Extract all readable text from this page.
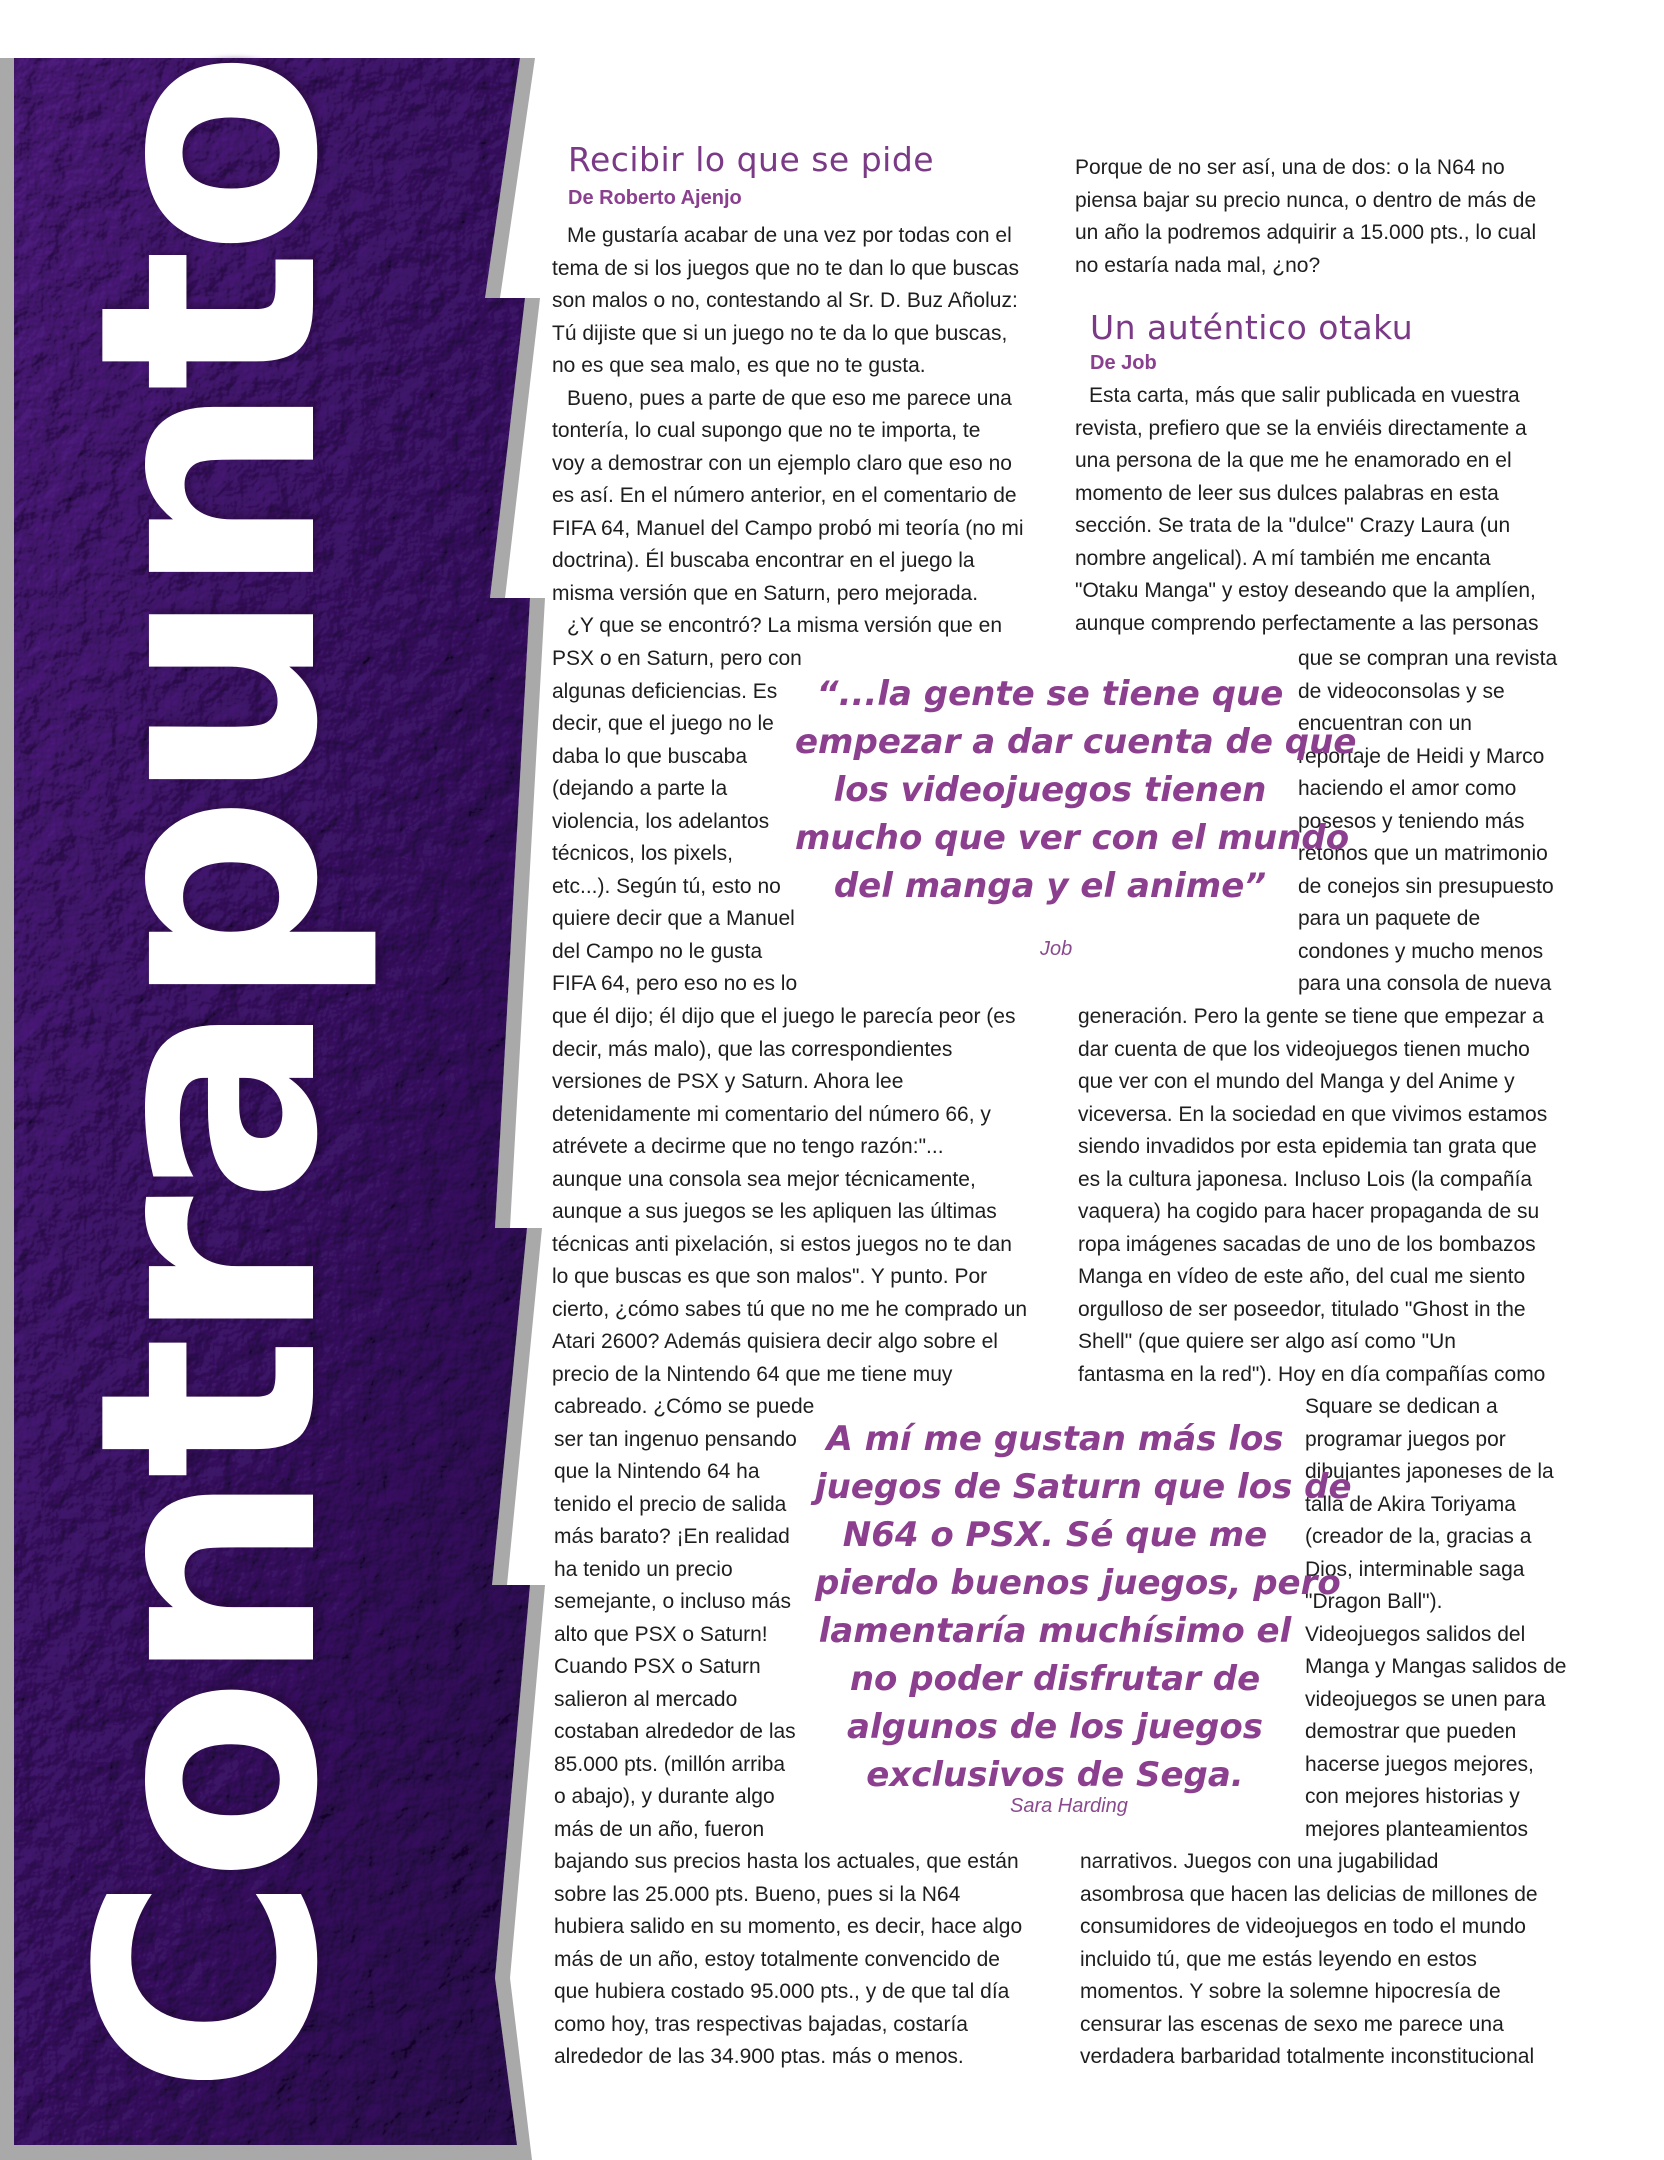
Contrapunto	Recibir lo que se pide
De Roberto Ajenjo

Me gustaría acabar de una vez por todas con el

tema de si los juegos que no te dan lo que buscas

son malos o no, contestando al Sr. D. Buz Añoluz:

Tú dijiste que si un juego no te da lo que buscas,

no es que sea malo, es que no te gusta.

Bueno, pues a parte de que eso me parece una

tontería, lo cual supongo que no te importa, te

voy a demostrar con un ejemplo claro que eso no

es así. En el número anterior, en el comentario de

FIFA 64, Manuel del Campo probó mi teoría (no mi

doctrina). Él buscaba encontrar en el juego la

misma versión que en Saturn, pero mejorada.

¿Y que se encontró? La misma versión que en

PSX o en Saturn, pero con

algunas deficiencias. Es

decir, que el juego no le

daba lo que buscaba

(dejando a parte la

violencia, los adelantos

técnicos, los pixels,

etc...). Según tú, esto no

quiere decir que a Manuel

del Campo no le gusta

FIFA 64, pero eso no es lo

que él dijo; él dijo que el juego le parecía peor (es

decir, más malo), que las correspondientes

versiones de PSX y Saturn. Ahora lee

detenidamente mi comentario del número 66, y

atrévete a decirme que no tengo razón:"...

aunque una consola sea mejor técnicamente,

aunque a sus juegos se les apliquen las últimas

técnicas anti pixelación, si estos juegos no te dan

lo que buscas es que son malos". Y punto. Por

cierto, ¿cómo sabes tú que no me he comprado un

Atari 2600? Además quisiera decir algo sobre el

precio de la Nintendo 64 que me tiene muy

cabreado. ¿Cómo se puede

ser tan ingenuo pensando

que la Nintendo 64 ha

tenido el precio de salida

más barato? ¡En realidad

ha tenido un precio

semejante, o incluso más

alto que PSX o Saturn!

Cuando PSX o Saturn

salieron al mercado

costaban alrededor de las

85.000 pts. (millón arriba

o abajo), y durante algo

más de un año, fueron

bajando sus precios hasta los actuales, que están

sobre las 25.000 pts. Bueno, pues si la N64

hubiera salido en su momento, es decir, hace algo

más de un año, estoy totalmente convencido de

que hubiera costado 95.000 pts., y de que tal día

como hoy, tras respectivas bajadas, costaría

alrededor de las 34.900 ptas. más o menos.

Porque de no ser así, una de dos: o la N64 no

piensa bajar su precio nunca, o dentro de más de

un año la podremos adquirir a 15.000 pts., lo cual

no estaría nada mal, ¿no?

Un auténtico otaku
De Job

Esta carta, más que salir publicada en vuestra

revista, prefiero que se la enviéis directamente a

una persona de la que me he enamorado en el

momento de leer sus dulces palabras en esta

sección. Se trata de la "dulce" Crazy Laura (un

nombre angelical). A mí también me encanta

"Otaku Manga" y estoy deseando que la amplíen,

aunque comprendo perfectamente a las personas

que se compran una revista

de videoconsolas y se

encuentran con un

reportaje de Heidi y Marco

haciendo el amor como

posesos y teniendo más

retoños que un matrimonio

de conejos sin presupuesto

para un paquete de

condones y mucho menos

para una consola de nueva

generación. Pero la gente se tiene que empezar a

dar cuenta de que los videojuegos tienen mucho

que ver con el mundo del Manga y del Anime y

viceversa. En la sociedad en que vivimos estamos

siendo invadidos por esta epidemia tan grata que

es la cultura japonesa. Incluso Lois (la compañía

vaquera) ha cogido para hacer propaganda de su

ropa imágenes sacadas de uno de los bombazos

Manga en vídeo de este año, del cual me siento

orgulloso de ser poseedor, titulado "Ghost in the

Shell" (que quiere ser algo así como "Un

fantasma en la red"). Hoy en día compañías como

Square se dedican a

programar juegos por

dibujantes japoneses de la

talla de Akira Toriyama

(creador de la, gracias a

Dios, interminable saga

"Dragon Ball").

Videojuegos salidos del

Manga y Mangas salidos de

videojuegos se unen para

demostrar que pueden

hacerse juegos mejores,

con mejores historias y

mejores planteamientos

narrativos. Juegos con una jugabilidad

asombrosa que hacen las delicias de millones de

consumidores de videojuegos en todo el mundo

incluido tú, que me estás leyendo en estos

momentos. Y sobre la solemne hipocresía de

censurar las escenas de sexo me parece una

verdadera barbaridad totalmente inconstitucional

“...la gente se tiene que

empezar a dar cuenta de que

los videojuegos tienen

mucho que ver con el mundo

del manga y el anime”

Job

A mí me gustan más los

juegos de Saturn que los de

N64 o PSX. Sé que me

pierdo buenos juegos, pero

lamentaría muchísimo el

no poder disfrutar de

algunos de los juegos

exclusivos de Sega.

Sara Harding
